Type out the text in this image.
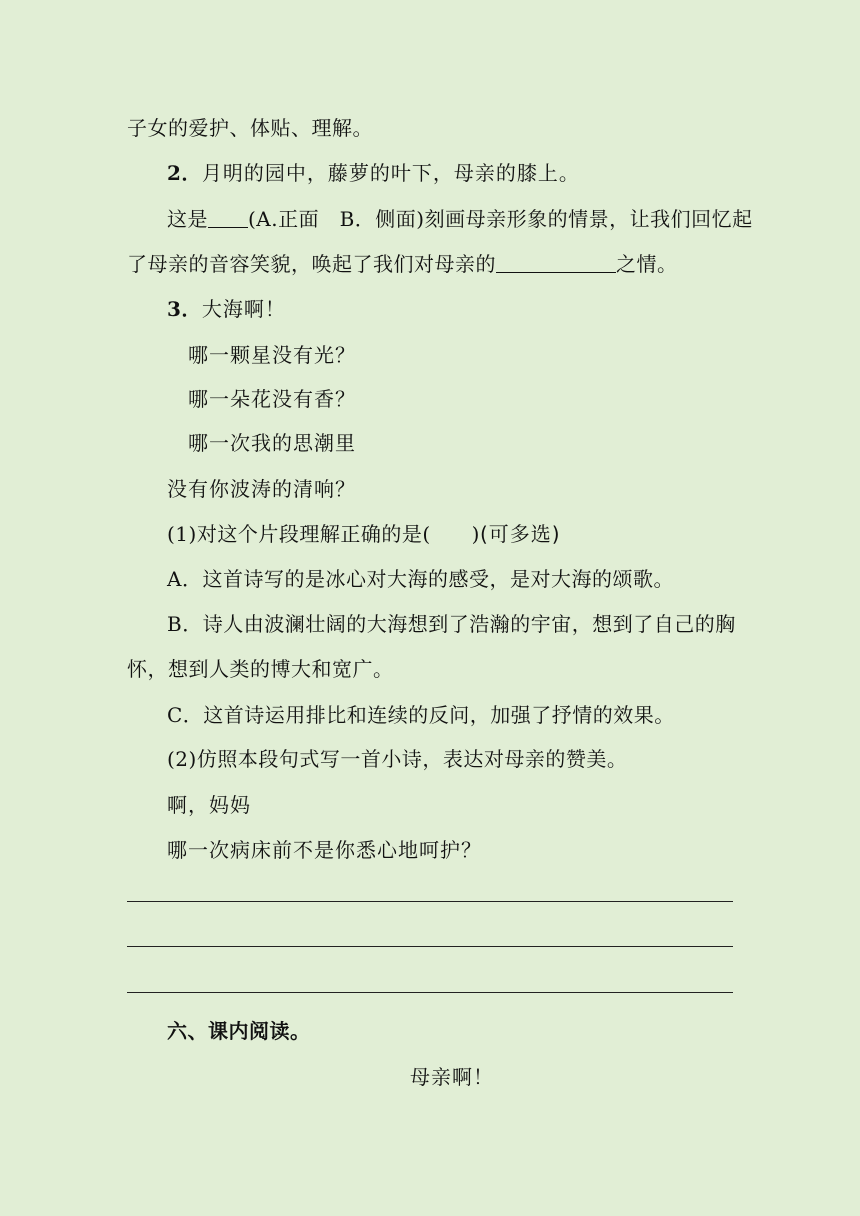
子女的爱护、体贴、理解。
2．月明的园中，藤萝的叶下，母亲的膝上。
这是 (A.正面　B．侧面)刻画母亲形象的情景，让我们回忆起
了母亲的音容笑貌，唤起了我们对母亲的	之情。
3．大海啊！
哪一颗星没有光？
哪一朵花没有香？
哪一次我的思潮里
没有你波涛的清响？
(1)对这个片段理解正确的是(　　)(可多选)
A．这首诗写的是冰心对大海的感受，是对大海的颂歌。
B．诗人由波澜壮阔的大海想到了浩瀚的宇宙，想到了自己的胸
怀，想到人类的博大和宽广。
C．这首诗运用排比和连续的反问，加强了抒情的效果。
(2)仿照本段句式写一首小诗，表达对母亲的赞美。
啊，妈妈
哪一次病床前不是你悉心地呵护？
六、课内阅读。
母亲啊！
